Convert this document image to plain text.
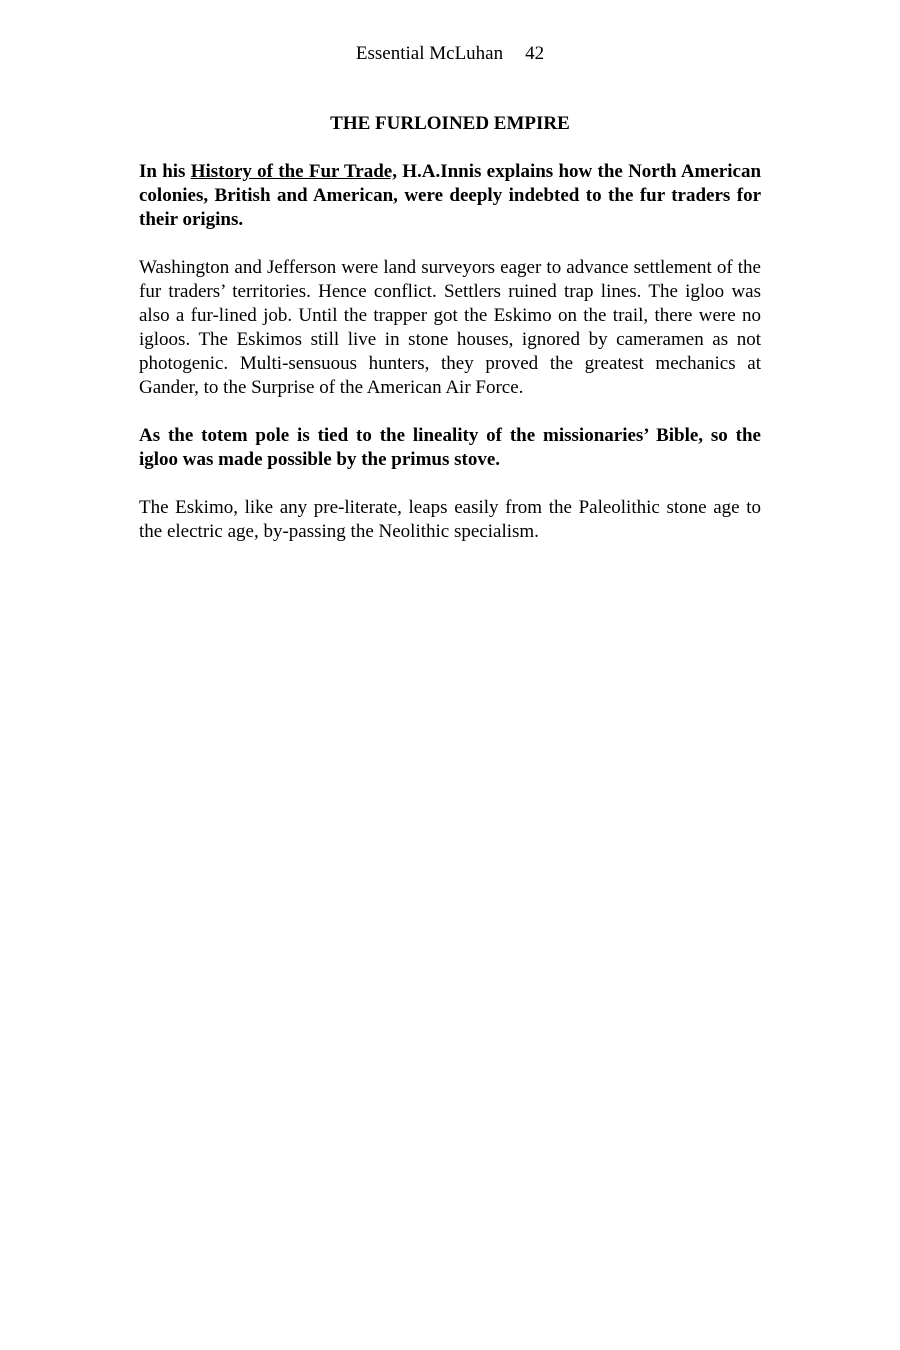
Essential McLuhan 42
THE FURLOINED EMPIRE

In his History of the Fur Trade, H.A.Innis explains how the North American colonies, British and American, were deeply indebted to the fur traders for their origins.

Washington and Jefferson were land surveyors eager to advance settlement of the fur traders’ territories. Hence conflict. Settlers ruined trap lines. The igloo was also a fur-lined job. Until the trapper got the Eskimo on the trail, there were no igloos. The Eskimos still live in stone houses, ignored by cameramen as not photogenic. Multi-sensuous hunters, they proved the greatest mechanics at Gander, to the Surprise of the American Air Force.

As the totem pole is tied to the lineality of the missionaries’ Bible, so the igloo was made possible by the primus stove.

The Eskimo, like any pre-literate, leaps easily from the Paleolithic stone age to the electric age, by-passing the Neolithic specialism.
